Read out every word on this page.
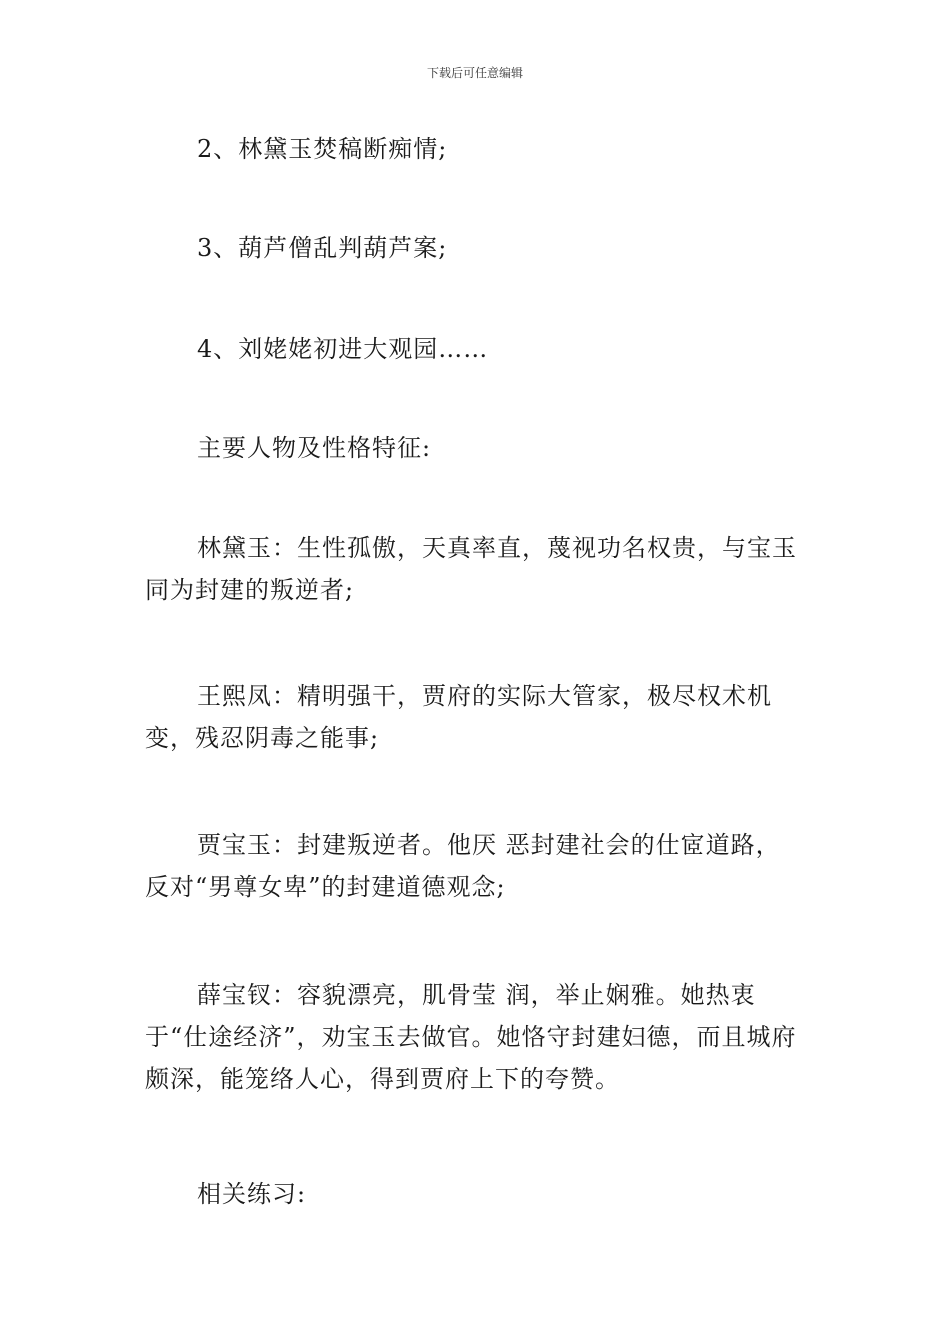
下载后可任意编辑
2、林黛玉焚稿断痴情;
3、葫芦僧乱判葫芦案;
4、刘姥姥初进大观园……
主要人物及性格特征:
林黛玉：生性孤傲，天真率直，蔑视功名权贵，与宝玉同为封建的叛逆者;
王熙凤：精明强干，贾府的实际大管家，极尽权术机变，残忍阴毒之能事;
贾宝玉：封建叛逆者。他厌 恶封建社会的仕宧道路，反对“男尊女卑”的封建道德观念;
薛宝钗：容貌漂亮，肌骨莹 润，举止娴雅。她热衷于“仕途经济”，劝宝玉去做官。她恪守封建妇德，而且城府颇深，能笼络人心，得到贾府上下的夸赞。
相关练习:
